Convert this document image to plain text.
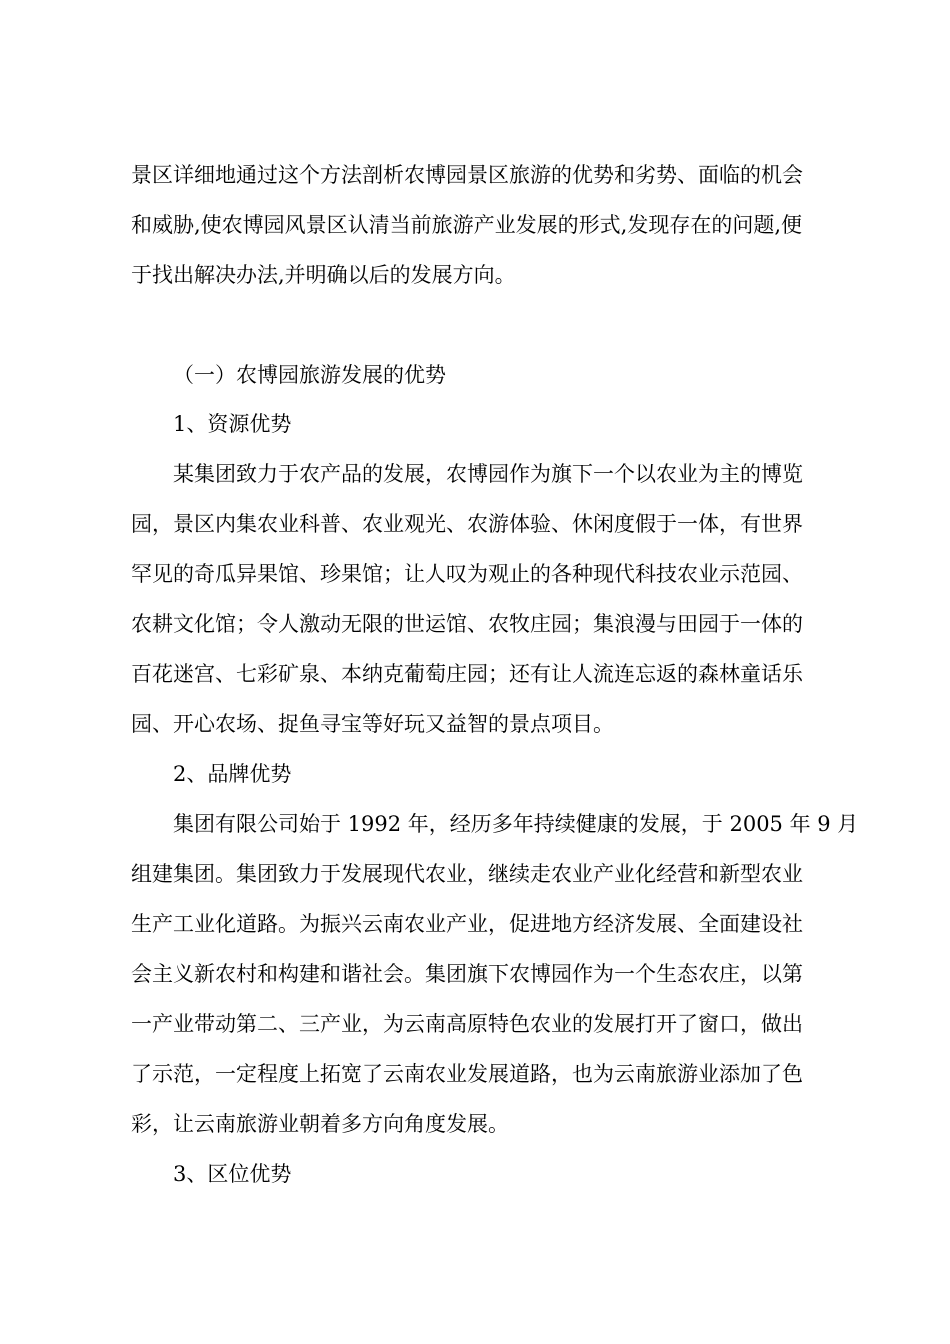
景区详细地通过这个方法剖析农博园景区旅游的优势和劣势、面临的机会
和威胁,使农博园风景区认清当前旅游产业发展的形式,发现存在的问题,便
于找出解决办法,并明确以后的发展方向。
（一）农博园旅游发展的优势
1、资源优势
某集团致力于农产品的发展，农博园作为旗下一个以农业为主的博览
园，景区内集农业科普、农业观光、农游体验、休闲度假于一体，有世界
罕见的奇瓜异果馆、珍果馆；让人叹为观止的各种现代科技农业示范园、
农耕文化馆；令人激动无限的世运馆、农牧庄园；集浪漫与田园于一体的
百花迷宫、七彩矿泉、本纳克葡萄庄园；还有让人流连忘返的森林童话乐
园、开心农场、捉鱼寻宝等好玩又益智的景点项目。
2、品牌优势
集团有限公司始于 1992 年，经历多年持续健康的发展，于 2005 年 9 月
组建集团。集团致力于发展现代农业，继续走农业产业化经营和新型农业
生产工业化道路。为振兴云南农业产业，促进地方经济发展、全面建设社
会主义新农村和构建和谐社会。集团旗下农博园作为一个生态农庄，以第
一产业带动第二、三产业，为云南高原特色农业的发展打开了窗口，做出
了示范，一定程度上拓宽了云南农业发展道路，也为云南旅游业添加了色
彩，让云南旅游业朝着多方向角度发展。
3、区位优势
